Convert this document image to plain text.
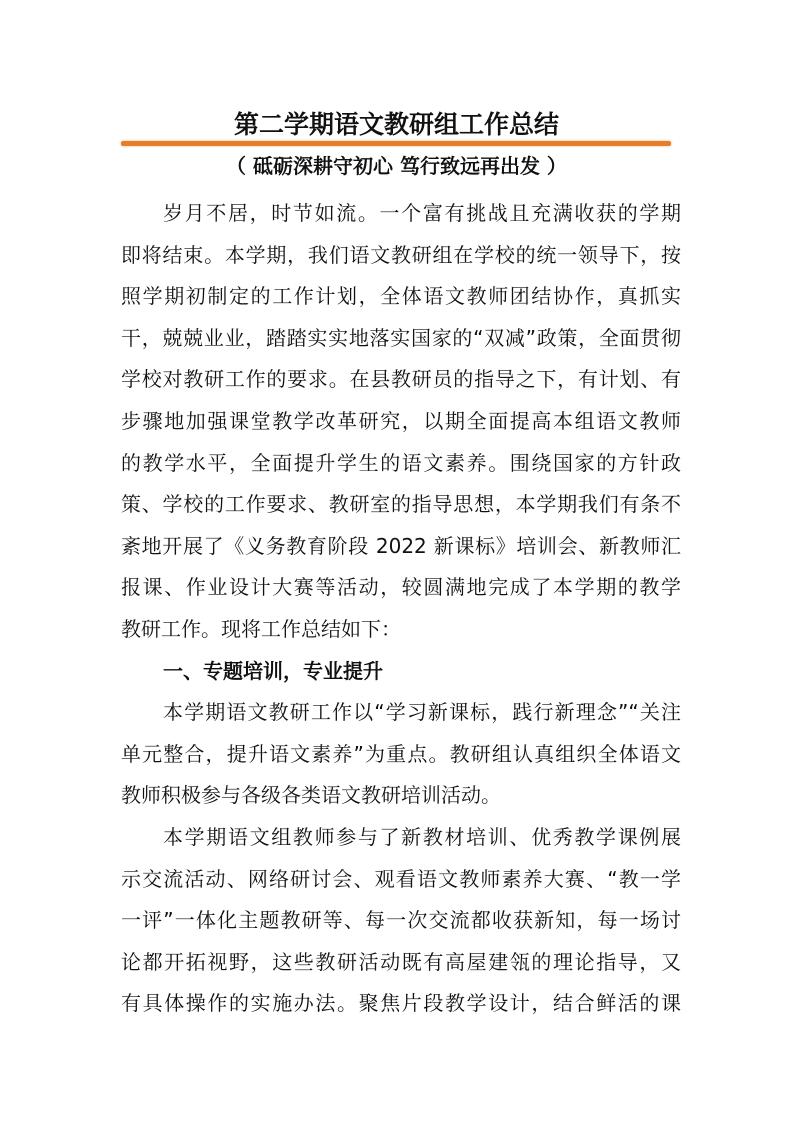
第二学期语文教研组工作总结
（ 砥砺深耕守初心 笃行致远再出发 ）
岁月不居，时节如流。一个富有挑战且充满收获的学期
即将结束。本学期，我们语文教研组在学校的统一领导下，按
照学期初制定的工作计划，全体语文教师团结协作，真抓实
干，兢兢业业，踏踏实实地落实国家的“双减”政策，全面贯彻
学校对教研工作的要求。在县教研员的指导之下，有计划、有
步骤地加强课堂教学改革研究，以期全面提高本组语文教师
的教学水平，全面提升学生的语文素养。围绕国家的方针政
策、学校的工作要求、教研室的指导思想，本学期我们有条不
紊地开展了《义务教育阶段 2022 新课标》培训会、新教师汇
报课、作业设计大赛等活动，较圆满地完成了本学期的教学
教研工作。现将工作总结如下：
一、专题培训，专业提升
本学期语文教研工作以“学习新课标，践行新理念”“关注
单元整合，提升语文素养”为重点。教研组认真组织全体语文
教师积极参与各级各类语文教研培训活动。
本学期语文组教师参与了新教材培训、优秀教学课例展
示交流活动、网络研讨会、观看语文教师素养大赛、“教一学
一评”一体化主题教研等、每一次交流都收获新知，每一场讨
论都开拓视野，这些教研活动既有高屋建瓴的理论指导，又
有具体操作的实施办法。聚焦片段教学设计，结合鲜活的课
